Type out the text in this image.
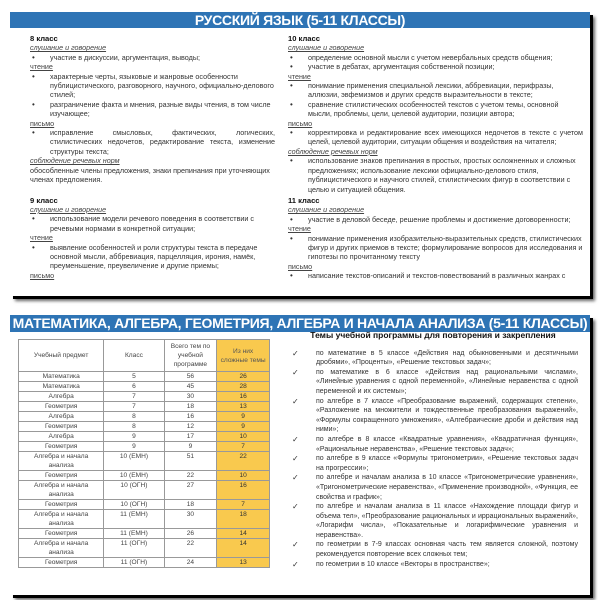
РУССКИЙ ЯЗЫК (5-11 КЛАССЫ)
8 класс
слушание и говорение
• участие в дискуссии, аргументация, выводы;
чтение
• характерные черты, языковые и жанровые особенности публицистического, разговорного, научного, официально-делового стилей;
• разграничение факта и мнения, разные виды чтения, в том числе изучающее;
письмо
• исправление смысловых, фактических, логических, стилистических недочетов, редактирование текста, изменение структуры текста;
соблюдение речевых норм
обособленные члены предложения, знаки препинания при уточняющих членах предложения.
9 класс
слушание и говорение
• использование модели речевого поведения в соответствии с речевыми нормами в конкретной ситуации;
чтение
• выявление особенностей и роли структуры текста в передаче основной мысли, аббревиация, парцелляция, ирония, намёк, преуменьшение, преувеличение и другие приемы;
письмо
10 класс
слушание и говорение
• определение основной мысли с учетом невербальных средств общения;
• участие в дебатах, аргументация собственной позиции;
чтение
• понимание применения специальной лексики, аббревиации, перифразы, аллюзии, эвфемизмов и других средств выразительности в тексте;
• сравнение стилистических особенностей текстов с учетом темы, основной мысли, проблемы, цели, целевой аудитории, позиции автора;
письмо
• корректировка и редактирование всех имеющихся недочетов в тексте с учетом целей, целевой аудитории, ситуации общения и воздействия на читателя;
соблюдение речевых норм
• использование знаков препинания в простых, простых осложненных и сложных предложениях; использование лексики официально-делового стиля, публицистического и научного стилей, стилистических фигур в соответствии с целью и ситуацией общения.
11 класс
слушание и говорение
• участие в деловой беседе, решение проблемы и достижение договоренности;
чтение
• понимание применения изобразительно-выразительных средств, стилистических фигур и других приемов в тексте; формулирование вопросов для исследования и гипотезы по прочитанному тексту
письмо
• написание текстов-описаний и текстов-повествований в различных жанрах с
МАТЕМАТИКА, АЛГЕБРА, ГЕОМЕТРИЯ, АЛГЕБРА И НАЧАЛА АНАЛИЗА (5-11 КЛАССЫ)
Учебный предмет	Класс	Всего тем по учебной программе	Из них сложные темы
Математика	5	56	26
Математика	6	45	28
Алгебра	7	30	16
Геометрия	7	18	13
Алгебра	8	16	9
Геометрия	8	12	9
Алгебра	9	17	10
Геометрия	9	9	7
Алгебра и начала анализа	10 (ЕМН)	51	22
Геометрия	10 (ЕМН)	22	10
Алгебра и начала анализа	10 (ОГН)	27	16
Геометрия	10 (ОГН)	18	7
Алгебра и начала анализа	11 (ЕМН)	30	18
Геометрия	11 (ЕМН)	26	14
Алгебра и начала анализа	11 (ОГН)	22	14
Геометрия	11 (ОГН)	24	13
Темы учебной программы для повторения и закрепления
✓ по математике в 5 классе «Действия над обыкновенными и десятичными дробями», «Проценты», «Решение текстовых задач»;
✓ по математике в 6 классе «Действия над рациональными числами», «Линейные уравнения с одной переменной», «Линейные неравенства с одной переменной и их системы»;
✓ по алгебре в 7 классе «Преобразование выражений, содержащих степени», «Разложение на множители и тождественные преобразования выражений», «Формулы сокращенного умножения», «Алгебраические дроби и действия над ними»;
✓ по алгебре в 8 классе «Квадратные уравнения», «Квадратичная функция», «Рациональные неравенства», «Решение текстовых задач»;
✓ по алгебре в 9 классе «Формулы тригонометрии», «Решение текстовых задач на прогрессии»;
✓ по алгебре и началам анализа в 10 классе «Тригонометрические уравнения», «Тригонометрические неравенства», «Применение производной», «Функция, ее свойства и график»;
✓ по алгебре и началам анализа в 11 классе «Нахождение площади фигур и объема тел», «Преобразование рациональных и иррациональных выражений», «Логарифм числа», «Показательные и логарифмические уравнения и неравенства».
✓ по геометрии в 7-9 классах основная часть тем является сложной, поэтому рекомендуется повторение всех сложных тем;
✓ по геометрии в 10 классе «Векторы в пространстве»;
